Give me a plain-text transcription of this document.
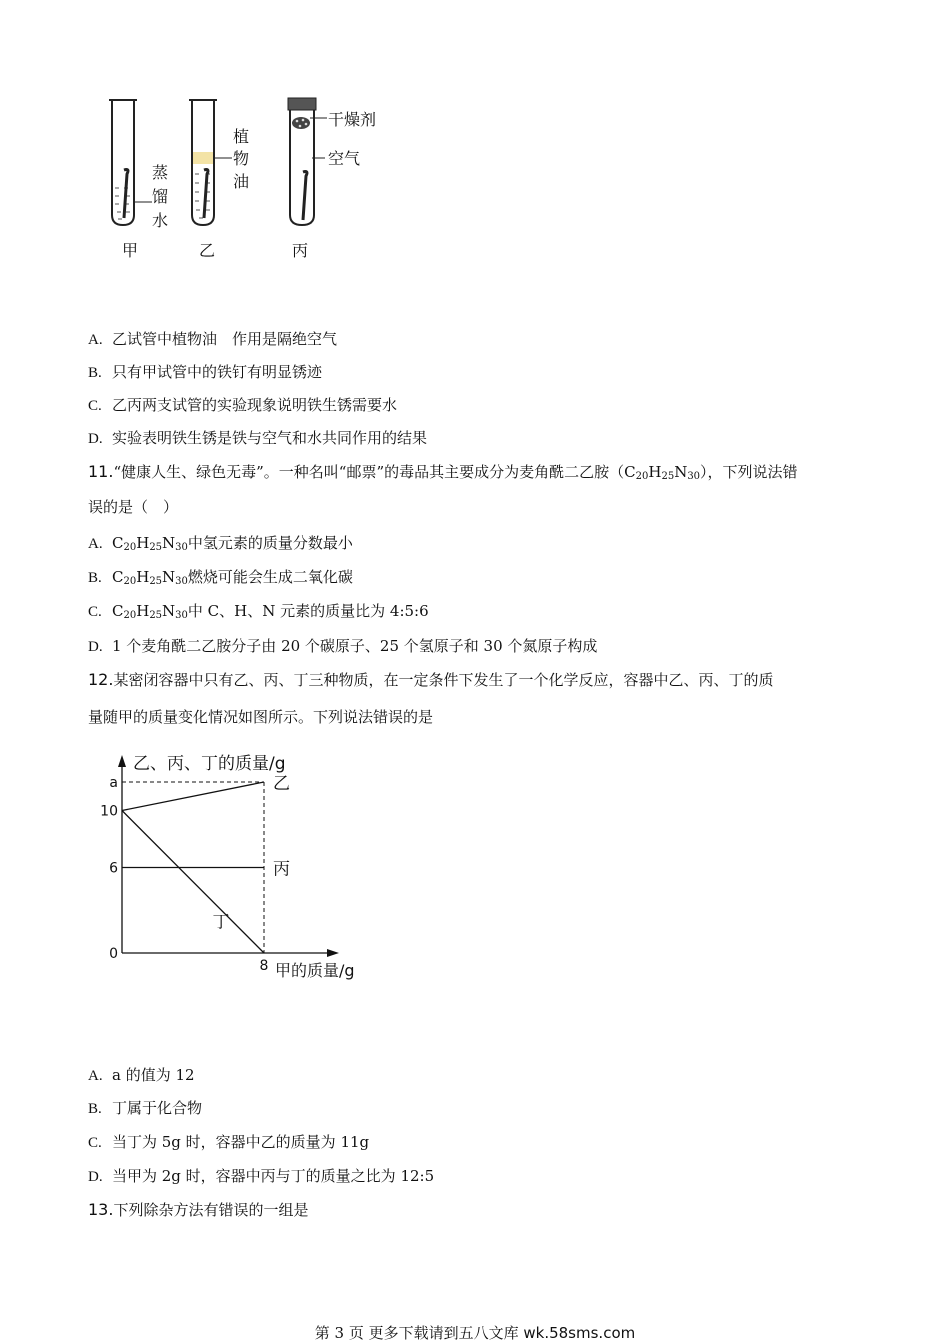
蒸
馏
水
植
物
油
干燥剂
空气
甲	乙	丙
A. 乙试管中植物油　作用是隔绝空气
B. 只有甲试管中的铁钉有明显锈迹
C. 乙丙两支试管的实验现象说明铁生锈需要水
D. 实验表明铁生锈是铁与空气和水共同作用的结果
11.“健康人生、绿色无毒”。一种名叫“邮票”的毒品其主要成分为麦角酰二乙胺$(C_{20}H_{25}N_{30})$，下列说法错
误的是（　）
A. $C_{20}H_{25}N_{30}$中氢元素的质量分数最小
B. $C_{20}H_{25}N_{30}$燃烧可能会生成二氧化碳
C. $C_{20}H_{25}N_{30}$中 C、H、N 元素的质量比为 4:5:6
D. 1 个麦角酰二乙胺分子由 20 个碳原子、25 个氢原子和 30 个氮原子构成
12.某密闭容器中只有乙、丙、丁三种物质，在一定条件下发生了一个化学反应，容器中乙、丙、丁的质
量随甲的质量变化情况如图所示。下列说法错误的是
乙、丙、丁的质量/g
甲的质量/g
乙
丙
丁
a
10
6
0
8
A. a 的值为 12
B. 丁属于化合物
C. 当丁为 5g 时，容器中乙的质量为 11g
D. 当甲为 2g 时，容器中丙与丁的质量之比为 12:5
13.下列除杂方法有错误的一组是
第 3 页 更多下载请到五八文库 wk.58sms.com
